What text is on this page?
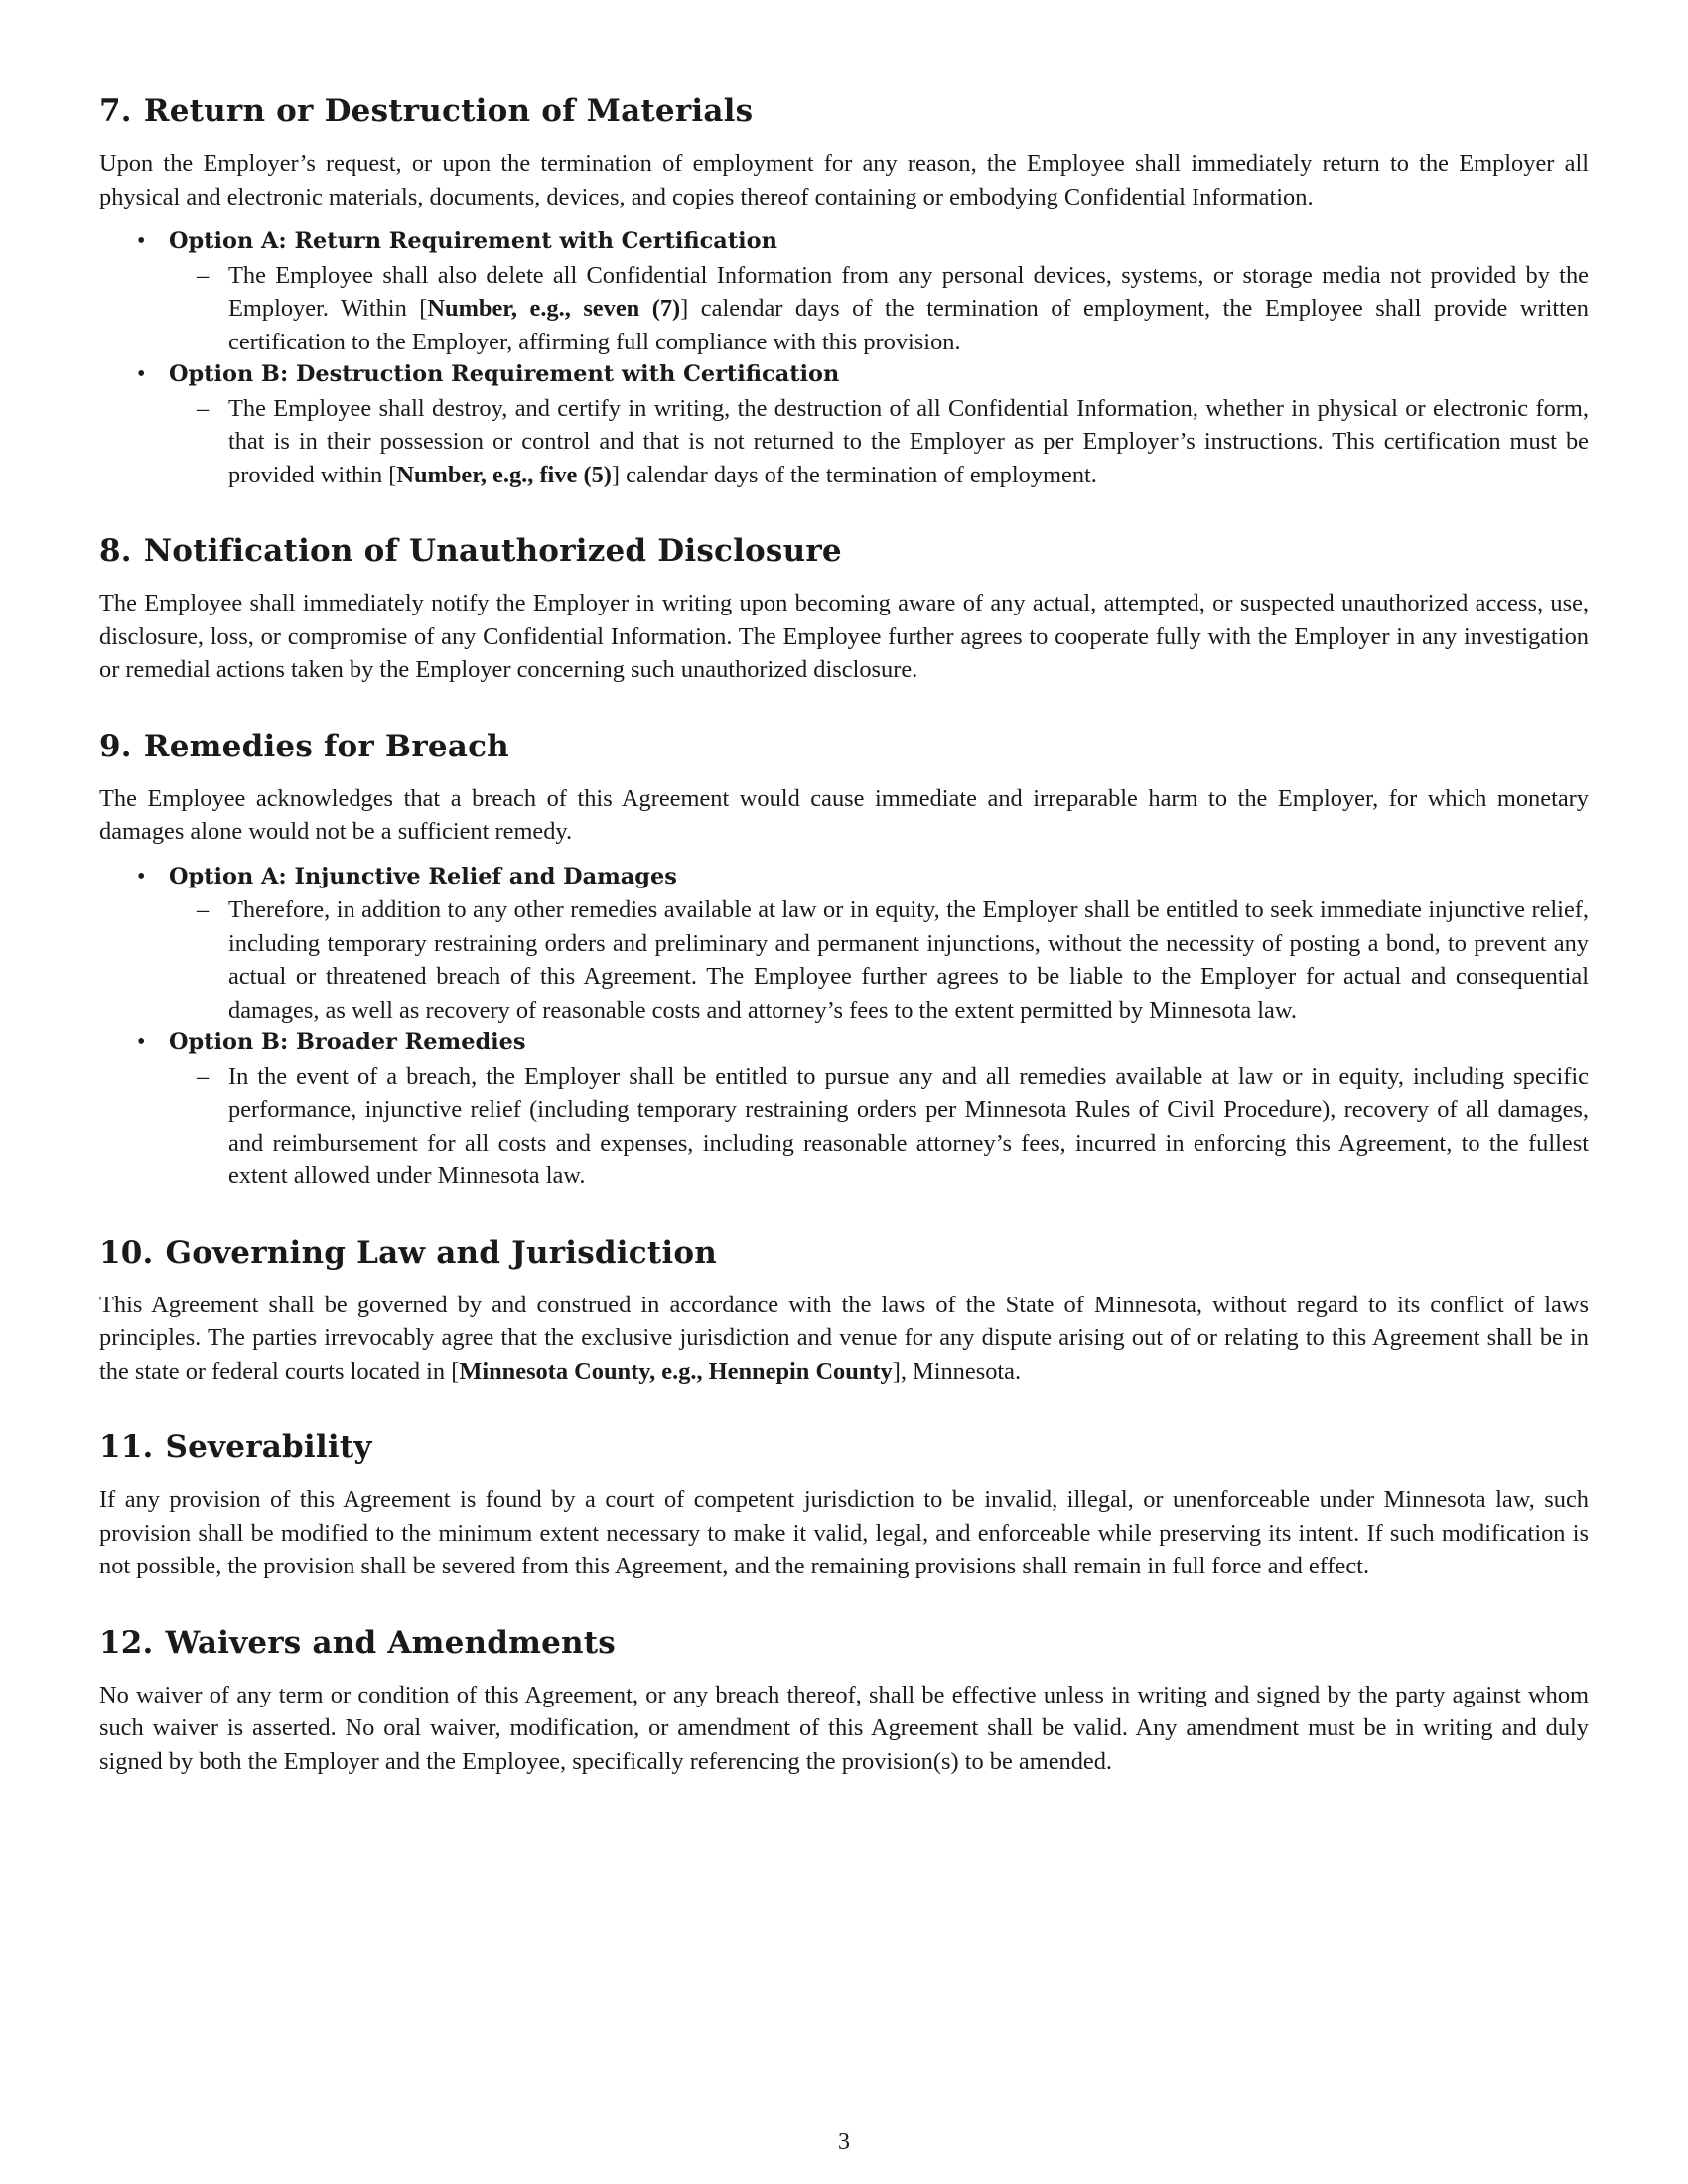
7. Return or Destruction of Materials

Upon the Employer’s request, or upon the termination of employment for any reason, the Employee shall immediately return to the Employer all physical and electronic materials, documents, devices, and copies thereof containing or embodying Confidential Information.

• Option A: Return Requirement with Certification
– The Employee shall also delete all Confidential Information from any personal devices, systems, or storage media not provided by the Employer. Within [Number, e.g., seven (7)] calendar days of the termination of employment, the Employee shall provide written certification to the Employer, affirming full compliance with this provision.
• Option B: Destruction Requirement with Certification
– The Employee shall destroy, and certify in writing, the destruction of all Confidential Information, whether in physical or electronic form, that is in their possession or control and that is not returned to the Employer as per Employer’s instructions. This certification must be provided within [Number, e.g., five (5)] calendar days of the termination of employment.
8. Notification of Unauthorized Disclosure

The Employee shall immediately notify the Employer in writing upon becoming aware of any actual, attempted, or suspected unauthorized access, use, disclosure, loss, or compromise of any Confidential Information. The Employee further agrees to cooperate fully with the Employer in any investigation or remedial actions taken by the Employer concerning such unauthorized disclosure.

9. Remedies for Breach

The Employee acknowledges that a breach of this Agreement would cause immediate and irreparable harm to the Employer, for which monetary damages alone would not be a sufficient remedy.

• Option A: Injunctive Relief and Damages
– Therefore, in addition to any other remedies available at law or in equity, the Employer shall be entitled to seek immediate injunctive relief, including temporary restraining orders and preliminary and permanent injunctions, without the necessity of posting a bond, to prevent any actual or threatened breach of this Agreement. The Employee further agrees to be liable to the Employer for actual and consequential damages, as well as recovery of reasonable costs and attorney’s fees to the extent permitted by Minnesota law.
• Option B: Broader Remedies
– In the event of a breach, the Employer shall be entitled to pursue any and all remedies available at law or in equity, including specific performance, injunctive relief (including temporary restraining orders per Minnesota Rules of Civil Procedure), recovery of all damages, and reimbursement for all costs and expenses, including reasonable attorney’s fees, incurred in enforcing this Agreement, to the fullest extent allowed under Minnesota law.
10. Governing Law and Jurisdiction

This Agreement shall be governed by and construed in accordance with the laws of the State of Minnesota, without regard to its conflict of laws principles. The parties irrevocably agree that the exclusive jurisdiction and venue for any dispute arising out of or relating to this Agreement shall be in the state or federal courts located in [Minnesota County, e.g., Hennepin County], Minnesota.

11. Severability

If any provision of this Agreement is found by a court of competent jurisdiction to be invalid, illegal, or unenforceable under Minnesota law, such provision shall be modified to the minimum extent necessary to make it valid, legal, and enforceable while preserving its intent. If such modification is not possible, the provision shall be severed from this Agreement, and the remaining provisions shall remain in full force and effect.

12. Waivers and Amendments

No waiver of any term or condition of this Agreement, or any breach thereof, shall be effective unless in writing and signed by the party against whom such waiver is asserted. No oral waiver, modification, or amendment of this Agreement shall be valid. Any amendment must be in writing and duly signed by both the Employer and the Employee, specifically referencing the provision(s) to be amended.

3
